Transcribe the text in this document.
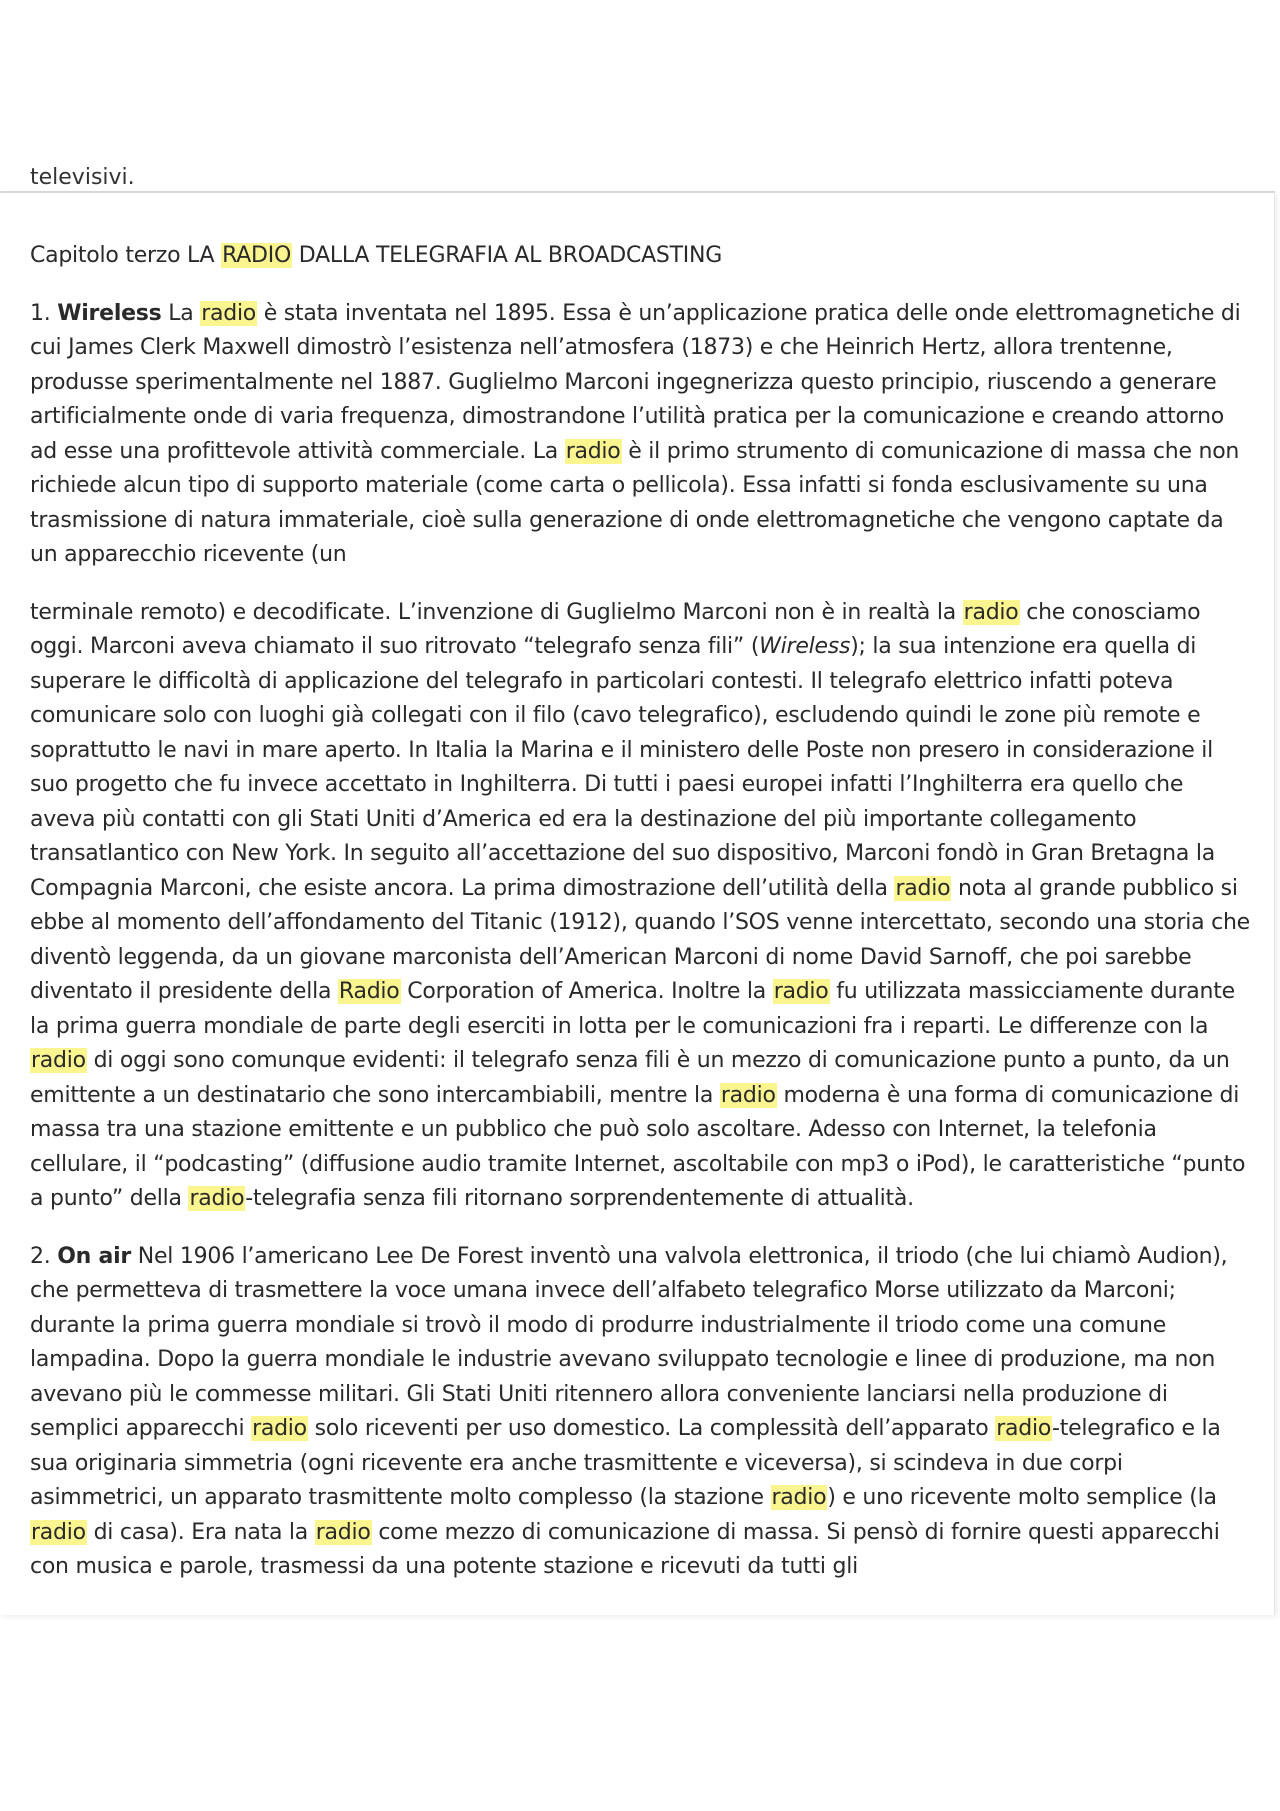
televisivi.

Capitolo terzo LA RADIO DALLA TELEGRAFIA AL BROADCASTING

1. Wireless La radio è stata inventata nel 1895. Essa è un’applicazione pratica delle onde elettromagnetiche di cui James Clerk Maxwell dimostrò l’esistenza nell’atmosfera (1873) e che Heinrich Hertz, allora trentenne, produsse sperimentalmente nel 1887. Guglielmo Marconi ingegnerizza questo principio, riuscendo a generare artificialmente onde di varia frequenza, dimostrandone l’utilità pratica per la comunicazione e creando attorno ad esse una profittevole attività commerciale. La radio è il primo strumento di comunicazione di massa che non richiede alcun tipo di supporto materiale (come carta o pellicola). Essa infatti si fonda esclusivamente su una trasmissione di natura immateriale, cioè sulla generazione di onde elettromagnetiche che vengono captate da un apparecchio ricevente (un

terminale remoto) e decodificate. L’invenzione di Guglielmo Marconi non è in realtà la radio che conosciamo oggi. Marconi aveva chiamato il suo ritrovato “telegrafo senza fili” (Wireless); la sua intenzione era quella di superare le difficoltà di applicazione del telegrafo in particolari contesti. Il telegrafo elettrico infatti poteva comunicare solo con luoghi già collegati con il filo (cavo telegrafico), escludendo quindi le zone più remote e soprattutto le navi in mare aperto. In Italia la Marina e il ministero delle Poste non presero in considerazione il suo progetto che fu invece accettato in Inghilterra. Di tutti i paesi europei infatti l’Inghilterra era quello che aveva più contatti con gli Stati Uniti d’America ed era la destinazione del più importante collegamento transatlantico con New York. In seguito all’accettazione del suo dispositivo, Marconi fondò in Gran Bretagna la Compagnia Marconi, che esiste ancora. La prima dimostrazione dell’utilità della radio nota al grande pubblico si ebbe al momento dell’affondamento del Titanic (1912), quando l’SOS venne intercettato, secondo una storia che diventò leggenda, da un giovane marconista dell’American Marconi di nome David Sarnoff, che poi sarebbe diventato il presidente della Radio Corporation of America. Inoltre la radio fu utilizzata massicciamente durante la prima guerra mondiale de parte degli eserciti in lotta per le comunicazioni fra i reparti. Le differenze con la radio di oggi sono comunque evidenti: il telegrafo senza fili è un mezzo di comunicazione punto a punto, da un emittente a un destinatario che sono intercambiabili, mentre la radio moderna è una forma di comunicazione di massa tra una stazione emittente e un pubblico che può solo ascoltare. Adesso con Internet, la telefonia cellulare, il “podcasting” (diffusione audio tramite Internet, ascoltabile con mp3 o iPod), le caratteristiche “punto a punto” della radio-telegrafia senza fili ritornano sorprendentemente di attualità.

2. On air Nel 1906 l’americano Lee De Forest inventò una valvola elettronica, il triodo (che lui chiamò Audion), che permetteva di trasmettere la voce umana invece dell’alfabeto telegrafico Morse utilizzato da Marconi; durante la prima guerra mondiale si trovò il modo di produrre industrialmente il triodo come una comune lampadina. Dopo la guerra mondiale le industrie avevano sviluppato tecnologie e linee di produzione, ma non avevano più le commesse militari. Gli Stati Uniti ritennero allora conveniente lanciarsi nella produzione di semplici apparecchi radio solo riceventi per uso domestico. La complessità dell’apparato radio-telegrafico e la sua originaria simmetria (ogni ricevente era anche trasmittente e viceversa), si scindeva in due corpi asimmetrici, un apparato trasmittente molto complesso (la stazione radio) e uno ricevente molto semplice (la radio di casa). Era nata la radio come mezzo di comunicazione di massa. Si pensò di fornire questi apparecchi con musica e parole, trasmessi da una potente stazione e ricevuti da tutti gli
